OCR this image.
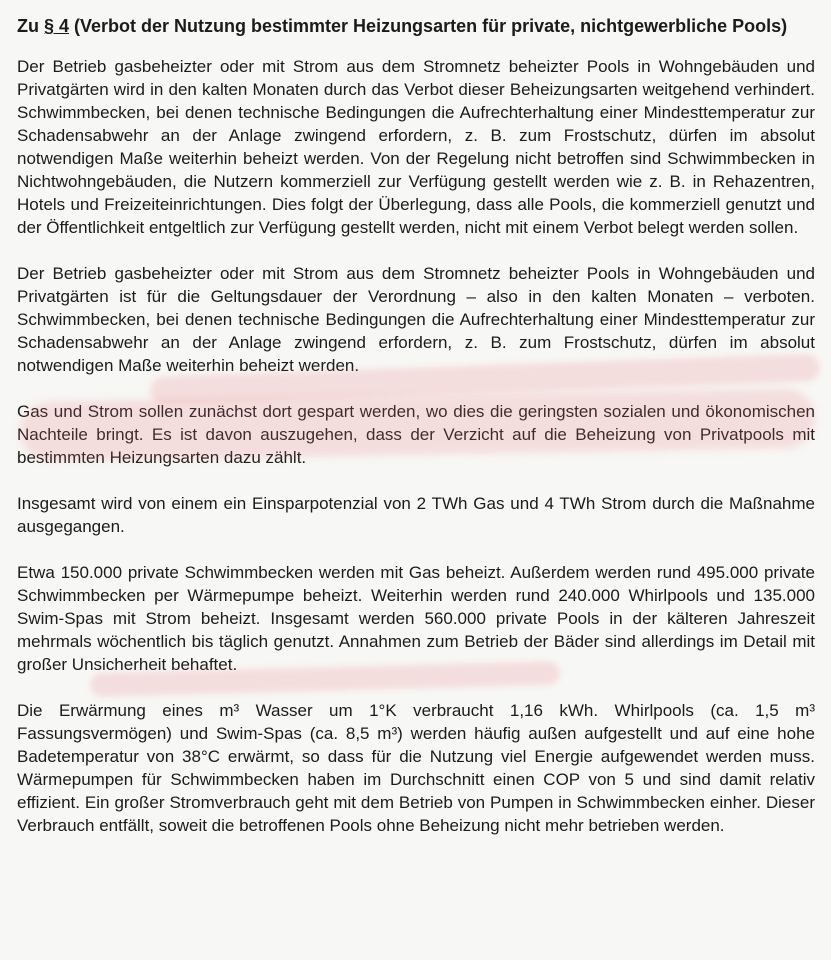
Zu § 4 (Verbot der Nutzung bestimmter Heizungsarten für private, nichtgewerbliche Pools)

Der Betrieb gasbeheizter oder mit Strom aus dem Stromnetz beheizter Pools in Wohngebäuden und Privatgärten wird in den kalten Monaten durch das Verbot dieser Beheizungsarten weitgehend verhindert. Schwimmbecken, bei denen technische Bedingungen die Aufrechterhaltung einer Mindesttemperatur zur Schadensabwehr an der Anlage zwingend erfordern, z. B. zum Frostschutz, dürfen im absolut notwendigen Maße weiterhin beheizt werden. Von der Regelung nicht betroffen sind Schwimmbecken in Nichtwohngebäuden, die Nutzern kommerziell zur Verfügung gestellt werden wie z. B. in Rehazentren, Hotels und Freizeiteinrichtungen. Dies folgt der Überlegung, dass alle Pools, die kommerziell genutzt und der Öffentlichkeit entgeltlich zur Verfügung gestellt werden, nicht mit einem Verbot belegt werden sollen.

Der Betrieb gasbeheizter oder mit Strom aus dem Stromnetz beheizter Pools in Wohngebäuden und Privatgärten ist für die Geltungsdauer der Verordnung – also in den kalten Monaten – verboten. Schwimmbecken, bei denen technische Bedingungen die Aufrechterhaltung einer Mindesttemperatur zur Schadensabwehr an der Anlage zwingend erfordern, z. B. zum Frostschutz, dürfen im absolut notwendigen Maße weiterhin beheizt werden.

Gas und Strom sollen zunächst dort gespart werden, wo dies die geringsten sozialen und ökonomischen Nachteile bringt. Es ist davon auszugehen, dass der Verzicht auf die Beheizung von Privatpools mit bestimmten Heizungsarten dazu zählt.

Insgesamt wird von einem ein Einsparpotenzial von 2 TWh Gas und 4 TWh Strom durch die Maßnahme ausgegangen.

Etwa 150.000 private Schwimmbecken werden mit Gas beheizt. Außerdem werden rund 495.000 private Schwimmbecken per Wärmepumpe beheizt. Weiterhin werden rund 240.000 Whirlpools und 135.000 Swim-Spas mit Strom beheizt. Insgesamt werden 560.000 private Pools in der kälteren Jahreszeit mehrmals wöchentlich bis täglich genutzt. Annahmen zum Betrieb der Bäder sind allerdings im Detail mit großer Unsicherheit behaftet.

Die Erwärmung eines m³ Wasser um 1°K verbraucht 1,16 kWh. Whirlpools (ca. 1,5 m³ Fassungsvermögen) und Swim-Spas (ca. 8,5 m³) werden häufig außen aufgestellt und auf eine hohe Badetemperatur von 38°C erwärmt, so dass für die Nutzung viel Energie aufgewendet werden muss. Wärmepumpen für Schwimmbecken haben im Durchschnitt einen COP von 5 und sind damit relativ effizient. Ein großer Stromverbrauch geht mit dem Betrieb von Pumpen in Schwimmbecken einher. Dieser Verbrauch entfällt, soweit die betroffenen Pools ohne Beheizung nicht mehr betrieben werden.
